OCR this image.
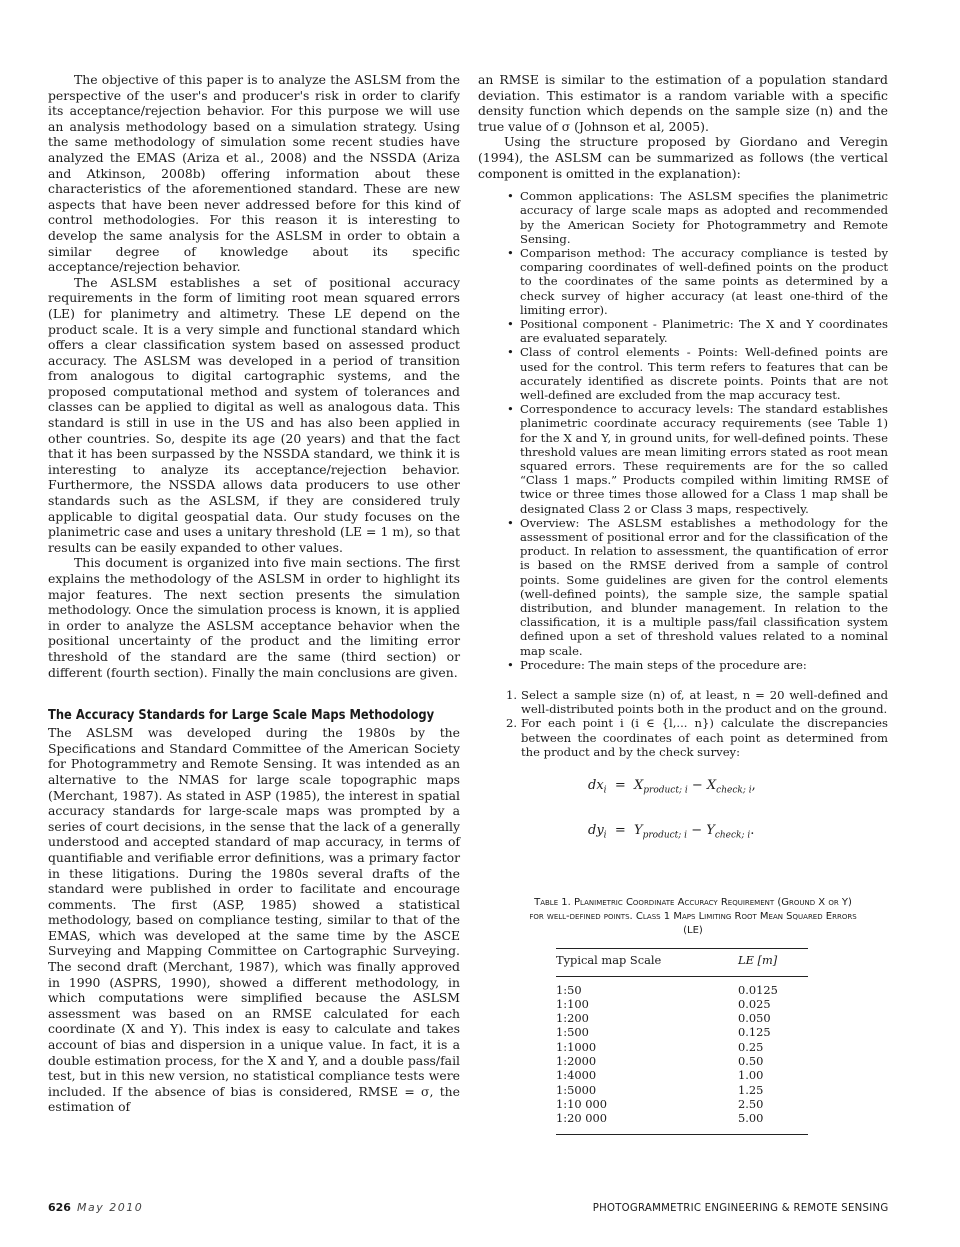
The objective of this paper is to analyze the ASLSM from the perspective of the user's and producer's risk in order to clarify its acceptance/rejection behavior. For this purpose we will use an analysis methodology based on a simulation strategy. Using the same methodology of simulation some recent studies have analyzed the EMAS (Ariza et al., 2008) and the NSSDA (Ariza and Atkinson, 2008b) offering information about these characteristics of the aforementioned standard. These are new aspects that have been never addressed before for this kind of control methodologies. For this reason it is interesting to develop the same analysis for the ASLSM in order to obtain a similar degree of knowledge about its specific acceptance/rejection behavior.

The ASLSM establishes a set of positional accuracy requirements in the form of limiting root mean squared errors (LE) for planimetry and altimetry. These LE depend on the product scale. It is a very simple and functional standard which offers a clear classification system based on assessed product accuracy. The ASLSM was developed in a period of transition from analogous to digital cartographic systems, and the proposed computational method and system of tolerances and classes can be applied to digital as well as analogous data. This standard is still in use in the US and has also been applied in other countries. So, despite its age (20 years) and that the fact that it has been surpassed by the NSSDA standard, we think it is interesting to analyze its acceptance/rejection behavior. Furthermore, the NSSDA allows data producers to use other standards such as the ASLSM, if they are considered truly applicable to digital geospatial data. Our study focuses on the planimetric case and uses a unitary threshold (LE = 1 m), so that results can be easily expanded to other values.

This document is organized into five main sections. The first explains the methodology of the ASLSM in order to highlight its major features. The next section presents the simulation methodology. Once the simulation process is known, it is applied in order to analyze the ASLSM acceptance behavior when the positional uncertainty of the product and the limiting error threshold of the standard are the same (third section) or different (fourth section). Finally the main conclusions are given.

The Accuracy Standards for Large Scale Maps Methodology

The ASLSM was developed during the 1980s by the Specifications and Standard Committee of the American Society for Photogrammetry and Remote Sensing. It was intended as an alternative to the NMAS for large scale topographic maps (Merchant, 1987). As stated in ASP (1985), the interest in spatial accuracy standards for large-scale maps was prompted by a series of court decisions, in the sense that the lack of a generally understood and accepted standard of map accuracy, in terms of quantifiable and verifiable error definitions, was a primary factor in these litigations. During the 1980s several drafts of the standard were published in order to facilitate and encourage comments. The first (ASP, 1985) showed a statistical methodology, based on compliance testing, similar to that of the EMAS, which was developed at the same time by the ASCE Surveying and Mapping Committee on Cartographic Surveying. The second draft (Merchant, 1987), which was finally approved in 1990 (ASPRS, 1990), showed a different methodology, in which computations were simplified because the ASLSM assessment was based on an RMSE calculated for each coordinate (X and Y). This index is easy to calculate and takes account of bias and dispersion in a unique value. In fact, it is a double estimation process, for the X and Y, and a double pass/fail test, but in this new version, no statistical compliance tests were included. If the absence of bias is considered, RMSE = σ, the estimation of

an RMSE is similar to the estimation of a population standard deviation. This estimator is a random variable with a specific density function which depends on the sample size (n) and the true value of σ (Johnson et al, 2005).

Using the structure proposed by Giordano and Veregin (1994), the ASLSM can be summarized as follows (the vertical component is omitted in the explanation):

• Common applications: The ASLSM specifies the planimetric accuracy of large scale maps as adopted and recommended by the American Society for Photogrammetry and Remote Sensing.
• Comparison method: The accuracy compliance is tested by comparing coordinates of well-defined points on the product to the coordinates of the same points as determined by a check survey of higher accuracy (at least one-third of the limiting error).
• Positional component - Planimetric: The X and Y coordinates are evaluated separately.
• Class of control elements - Points: Well-defined points are used for the control. This term refers to features that can be accurately identified as discrete points. Points that are not well-defined are excluded from the map accuracy test.
• Correspondence to accuracy levels: The standard establishes planimetric coordinate accuracy requirements (see Table 1) for the X and Y, in ground units, for well-defined points. These threshold values are mean limiting errors stated as root mean squared errors. These requirements are for the so called “Class 1 maps.” Products compiled within limiting RMSE of twice or three times those allowed for a Class 1 map shall be designated Class 2 or Class 3 maps, respectively.
• Overview: The ASLSM establishes a methodology for the assessment of positional error and for the classification of the product. In relation to assessment, the quantification of error is based on the RMSE derived from a sample of control points. Some guidelines are given for the control elements (well-defined points), the sample size, the sample spatial distribution, and blunder management. In relation to the classification, it is a multiple pass/fail classification system defined upon a set of threshold values related to a nominal map scale.
• Procedure: The main steps of the procedure are:
1. Select a sample size (n) of, at least, n = 20 well-defined and well-distributed points both in the product and on the ground.
2. For each point i (i ∈ {l,... n}) calculate the discrepancies between the coordinates of each point as determined from the product and by the check survey:
$dx_i = X_{product; i} - X_{check; i}$,
$dy_i = Y_{product; i} - Y_{check; i}$.
Table 1. Planimetric Coordinate Accuracy Requirement (Ground X or Y) for well-defined points. Class 1 Maps Limiting Root Mean Squared Errors (LE)
Typical map Scale	LE [m]
1:50	0.0125
1:100	0.025
1:200	0.050
1:500	0.125
1:1000	0.25
1:2000	0.50
1:4000	1.00
1:5000	1.25
1:10 000	2.50
1:20 000	5.00
626 May 2010	PHOTOGRAMMETRIC ENGINEERING & REMOTE SENSING
